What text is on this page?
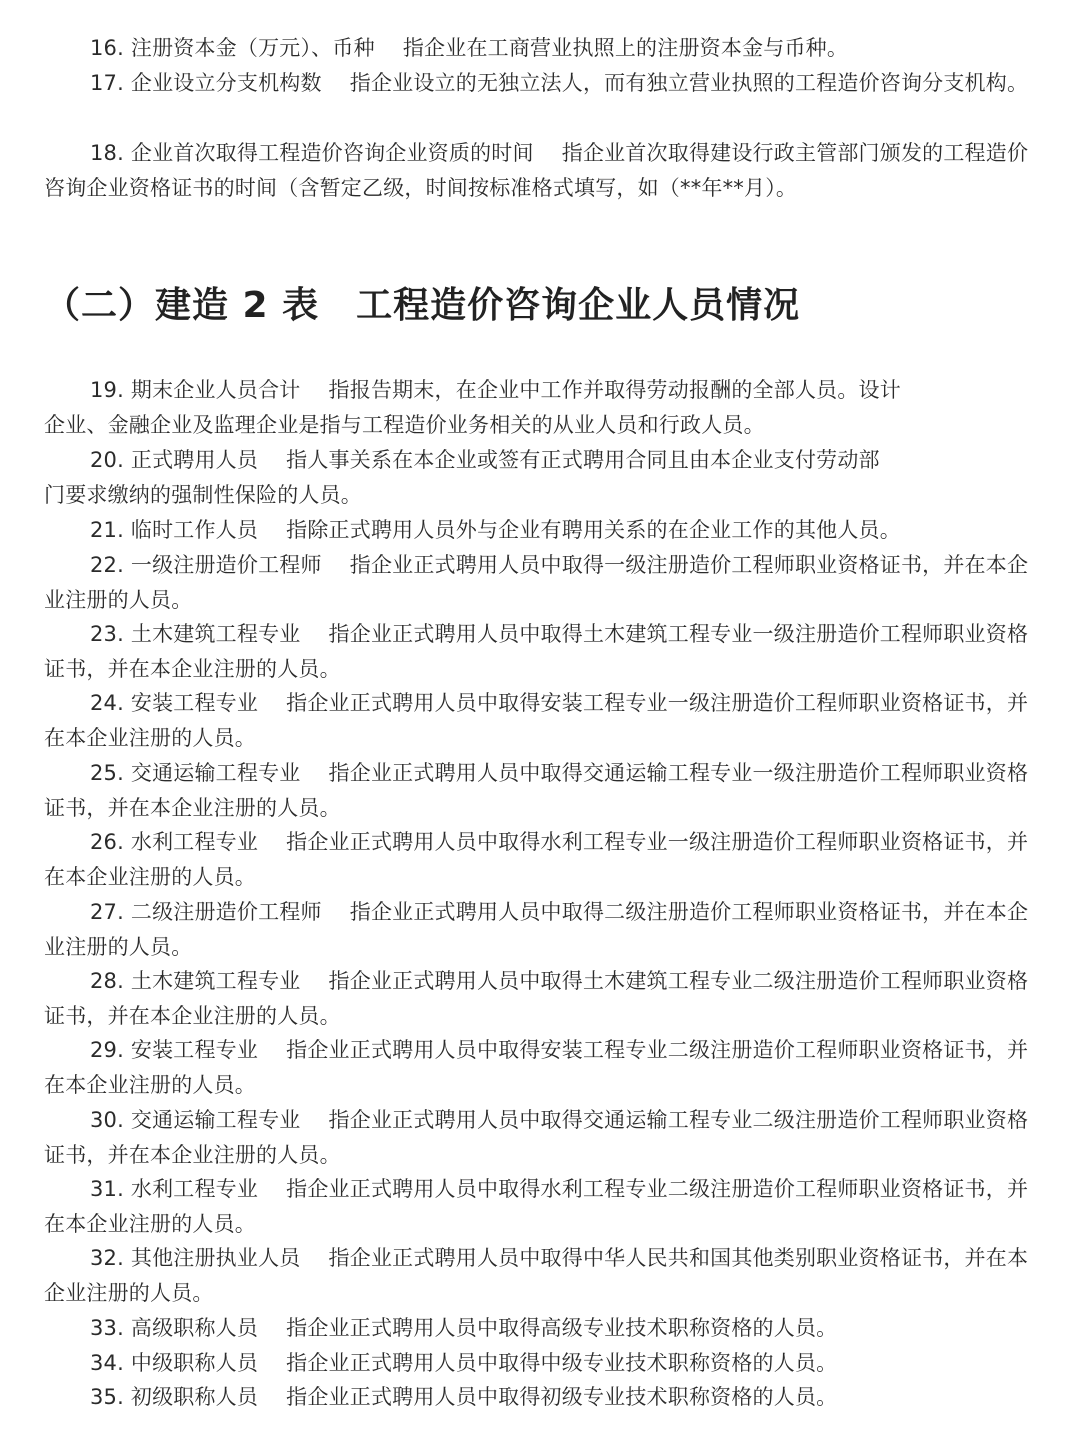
16. 注册资本金（万元）、币种　 指企业在工商营业执照上的注册资本金与币种。

17. 企业设立分支机构数　 指企业设立的无独立法人，而有独立营业执照的工程造价咨询分支机构。

18. 企业首次取得工程造价咨询企业资质的时间　 指企业首次取得建设行政主管部门颁发的工程造价咨询企业资格证书的时间（含暂定乙级，时间按标准格式填写，如（**年**月）。

（二）建造 2 表　工程造价咨询企业人员情况

19. 期末企业人员合计　 指报告期末，在企业中工作并取得劳动报酬的全部人员。设计
企业、金融企业及监理企业是指与工程造价业务相关的从业人员和行政人员。

20. 正式聘用人员　 指人事关系在本企业或签有正式聘用合同且由本企业支付劳动部
门要求缴纳的强制性保险的人员。

21. 临时工作人员　 指除正式聘用人员外与企业有聘用关系的在企业工作的其他人员。

22. 一级注册造价工程师　 指企业正式聘用人员中取得一级注册造价工程师职业资格证书，并在本企业注册的人员。

23. 土木建筑工程专业　 指企业正式聘用人员中取得土木建筑工程专业一级注册造价工程师职业资格证书，并在本企业注册的人员。

24. 安装工程专业　 指企业正式聘用人员中取得安装工程专业一级注册造价工程师职业资格证书，并在本企业注册的人员。

25. 交通运输工程专业　 指企业正式聘用人员中取得交通运输工程专业一级注册造价工程师职业资格证书，并在本企业注册的人员。

26. 水利工程专业　 指企业正式聘用人员中取得水利工程专业一级注册造价工程师职业资格证书，并在本企业注册的人员。

27. 二级注册造价工程师　 指企业正式聘用人员中取得二级注册造价工程师职业资格证书，并在本企业注册的人员。

28. 土木建筑工程专业　 指企业正式聘用人员中取得土木建筑工程专业二级注册造价工程师职业资格证书，并在本企业注册的人员。

29. 安装工程专业　 指企业正式聘用人员中取得安装工程专业二级注册造价工程师职业资格证书，并在本企业注册的人员。

30. 交通运输工程专业　 指企业正式聘用人员中取得交通运输工程专业二级注册造价工程师职业资格证书，并在本企业注册的人员。

31. 水利工程专业　 指企业正式聘用人员中取得水利工程专业二级注册造价工程师职业资格证书，并在本企业注册的人员。

32. 其他注册执业人员　 指企业正式聘用人员中取得中华人民共和国其他类别职业资格证书，并在本企业注册的人员。

33. 高级职称人员　 指企业正式聘用人员中取得高级专业技术职称资格的人员。

34. 中级职称人员　 指企业正式聘用人员中取得中级专业技术职称资格的人员。

35. 初级职称人员　 指企业正式聘用人员中取得初级专业技术职称资格的人员。
